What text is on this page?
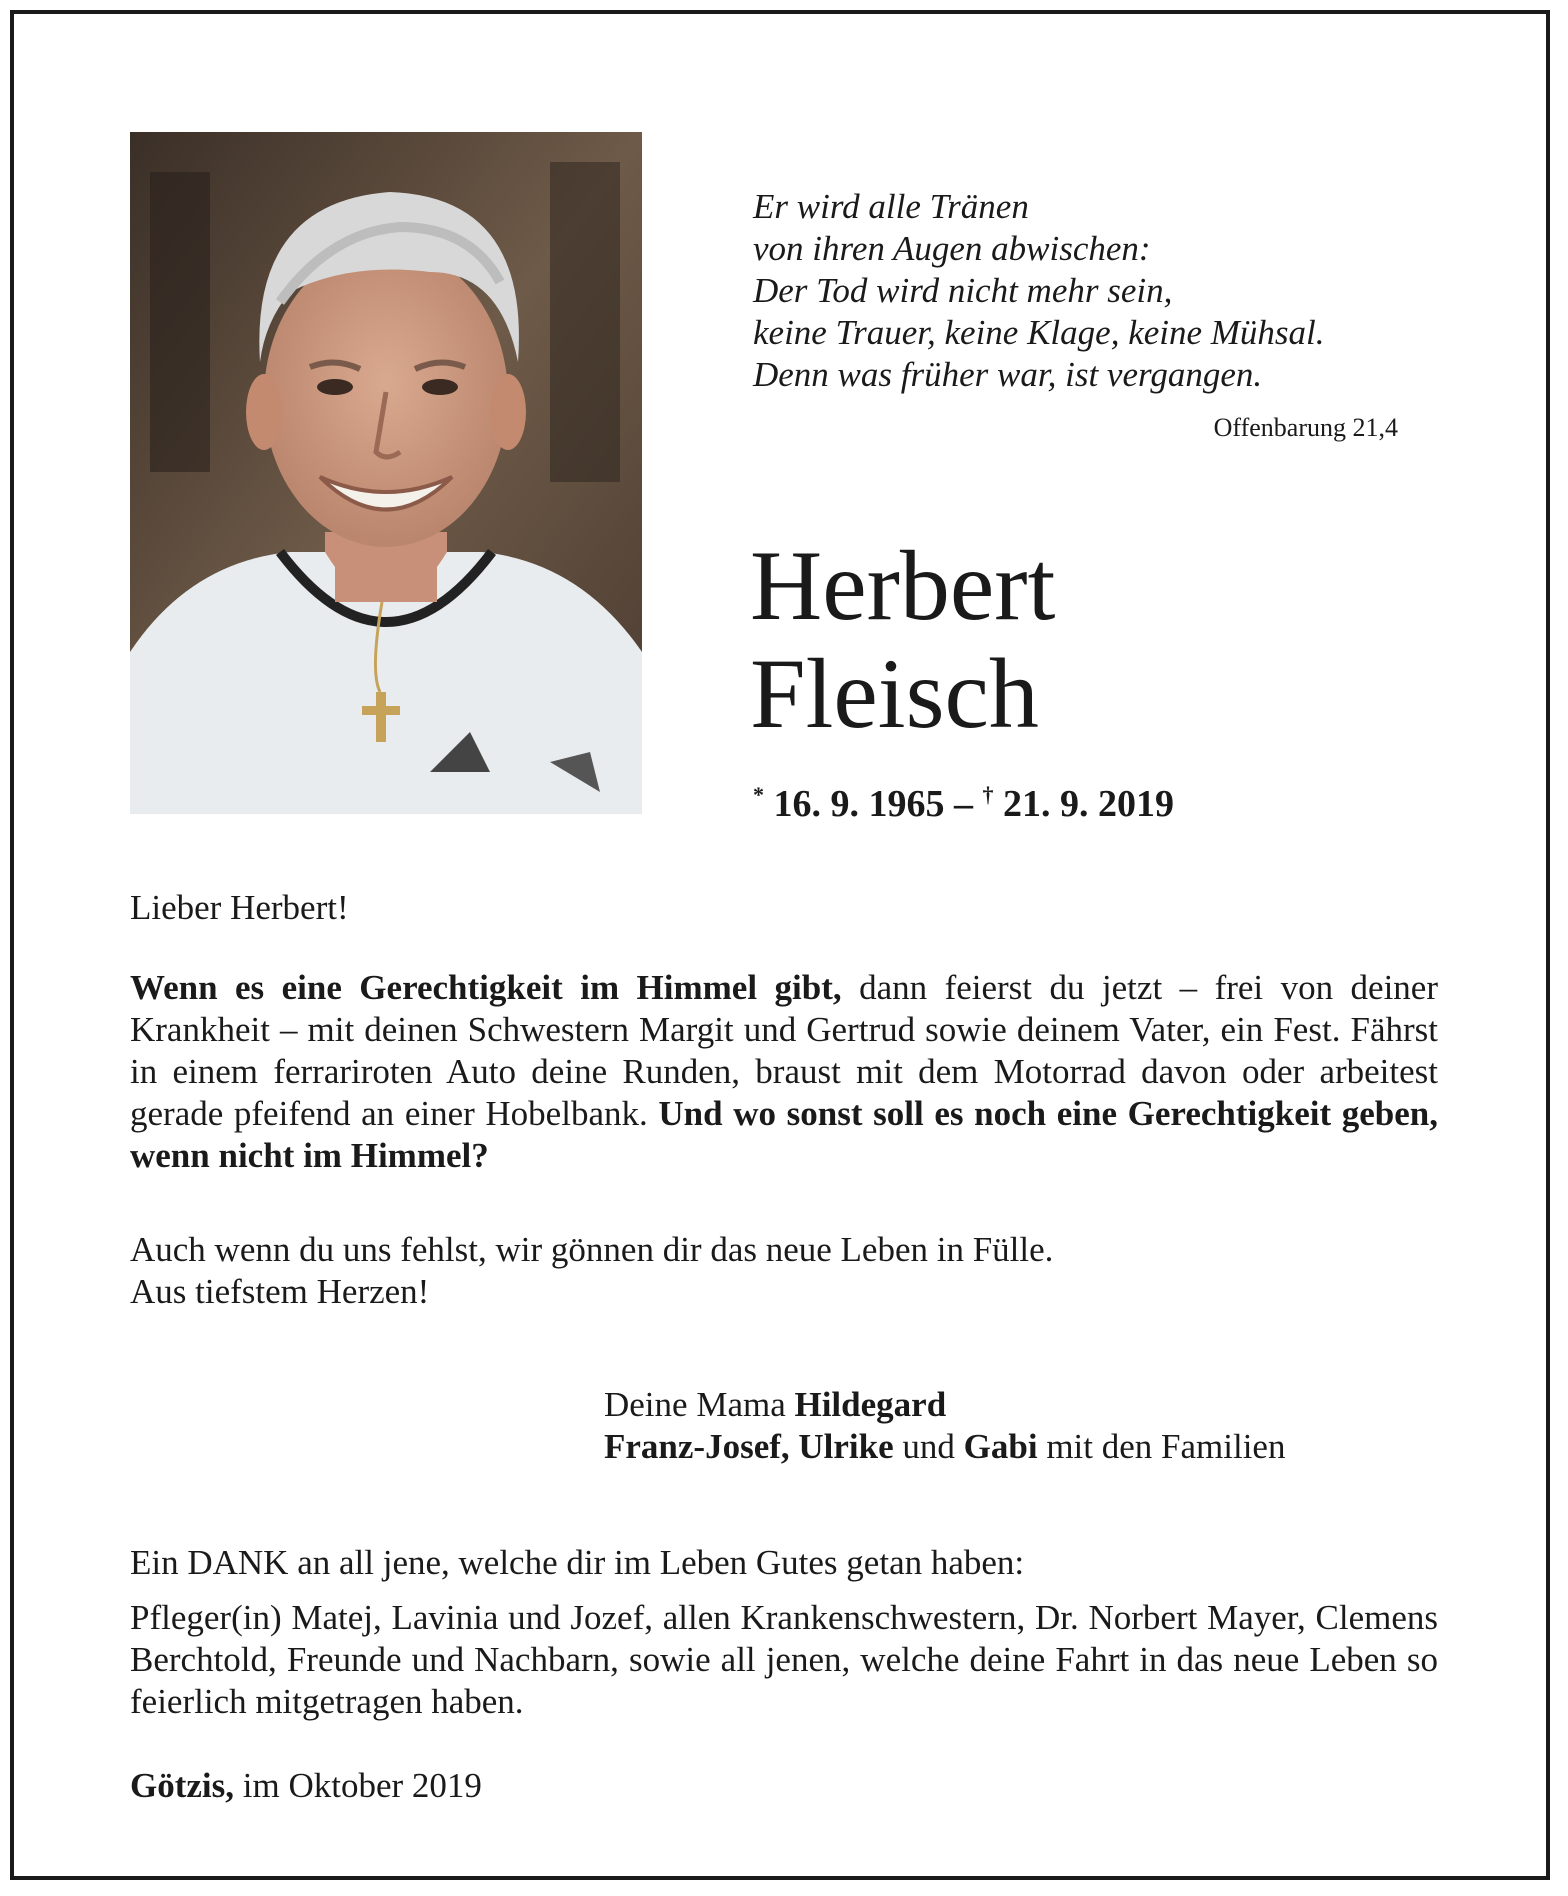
Er wird alle Tränen
von ihren Augen abwischen:
Der Tod wird nicht mehr sein,
keine Trauer, keine Klage, keine Mühsal.
Denn was früher war, ist vergangen.
Offenbarung 21,4
Herbert
Fleisch
* 16. 9. 1965 – † 21. 9. 2019
Lieber Herbert!
Wenn es eine Gerechtigkeit im Himmel gibt, dann feierst du jetzt – frei von deiner Krankheit – mit deinen Schwestern Margit und Gertrud sowie deinem Vater, ein Fest. Fährst in einem ferrariroten Auto deine Runden, braust mit dem Motorrad davon oder arbeitest gerade pfeifend an einer Hobelbank. Und wo sonst soll es noch eine Gerechtigkeit geben, wenn nicht im Himmel?
Auch wenn du uns fehlst, wir gönnen dir das neue Leben in Fülle.
Aus tiefstem Herzen!
Deine Mama Hildegard
Franz-Josef, Ulrike und Gabi mit den Familien
Ein DANK an all jene, welche dir im Leben Gutes getan haben:
Pfleger(in) Matej, Lavinia und Jozef, allen Krankenschwestern, Dr. Norbert Mayer, Clemens Berchtold, Freunde und Nachbarn, sowie all jenen, welche deine Fahrt in das neue Leben so feierlich mitgetragen haben.
Götzis, im Oktober 2019
